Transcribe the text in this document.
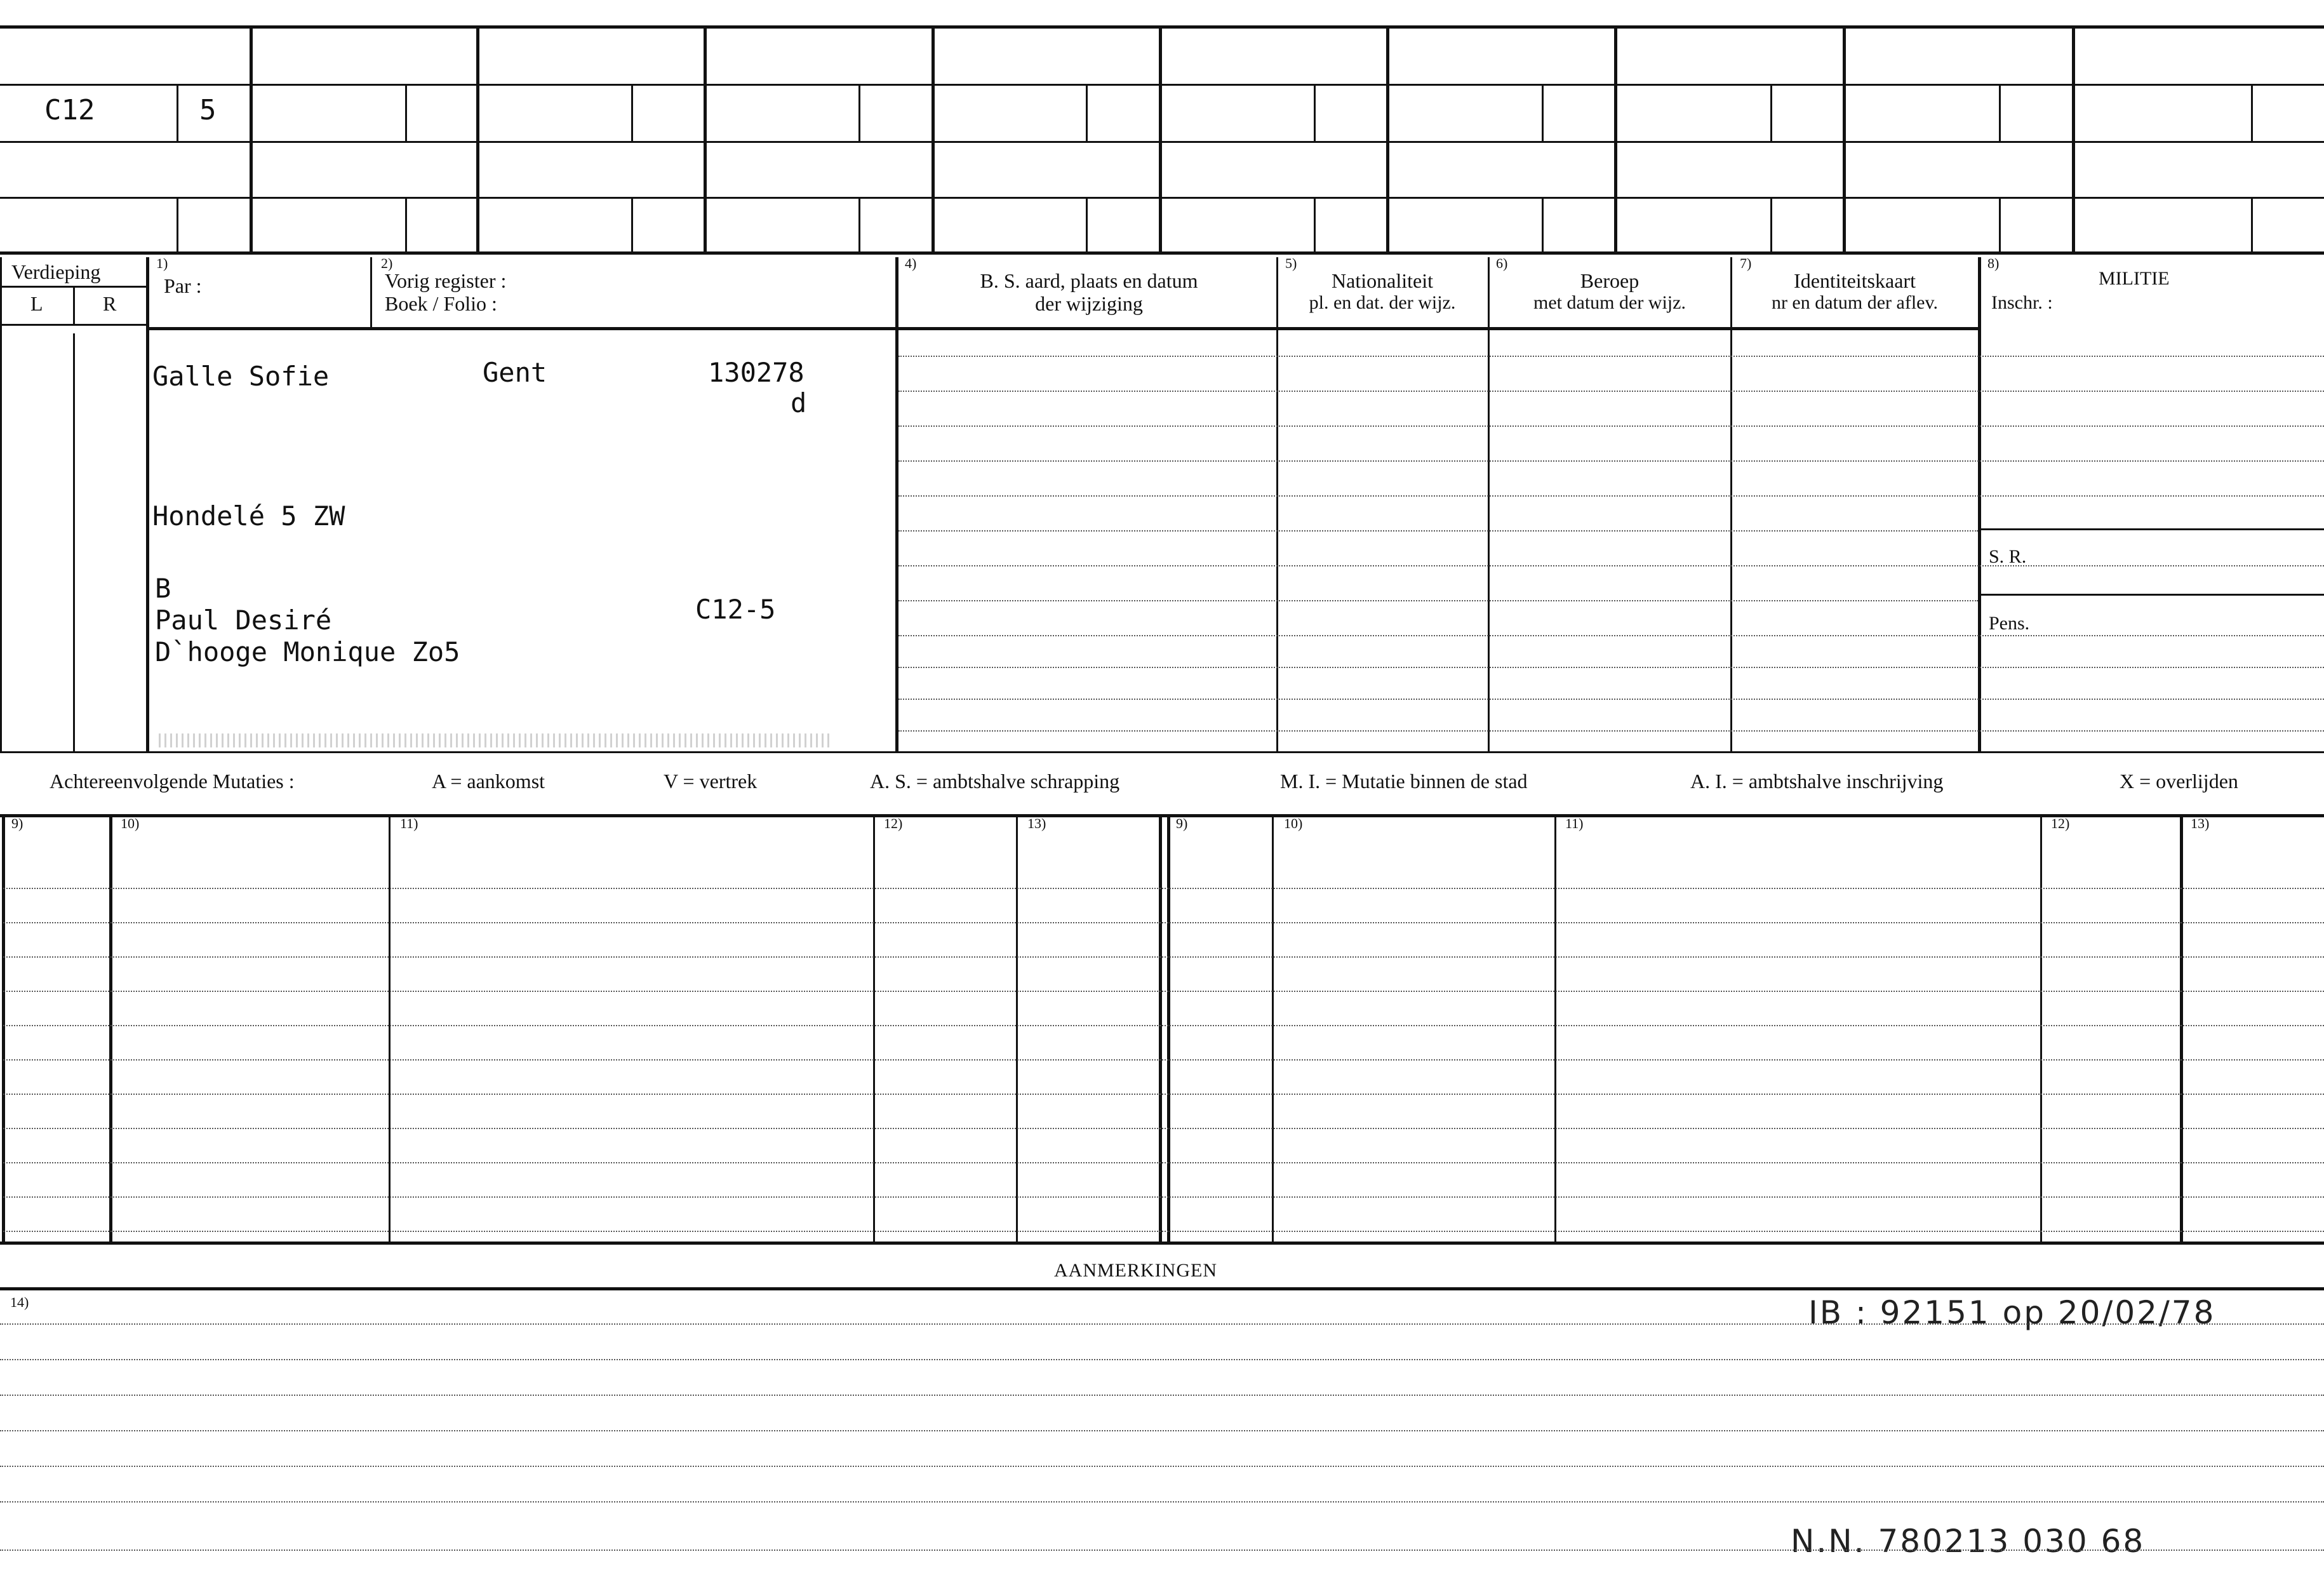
C12	5
Verdieping
L	R
1)
Par :
2)
Vorig register :
Boek / Folio :
4)
B. S. aard, plaats en datum
der wijziging
5)
Nationaliteit
pl. en dat. der wijz.
6)
Beroep
met datum der wijz.
7)
Identiteitskaart
nr en datum der aflev.
8)
MILITIE
Inschr. :
S. R.
Pens.
Galle Sofie	Gent	130278
d
Hondelé 5 ZW
B
Paul Desiré	C12-5
D`hooge Monique Zo5
Achtereenvolgende Mutaties :	A = aankomst	V = vertrek	A. S. = ambtshalve schrapping	M. I. = Mutatie binnen de stad	A. I. = ambtshalve inschrijving	X = overlijden
9)	10)	11)	12)	13)	9)	10)	11)	12)	13)
AANMERKINGEN
14)	IB : 92151 op 20/02/78
N.N. 780213 030 68
